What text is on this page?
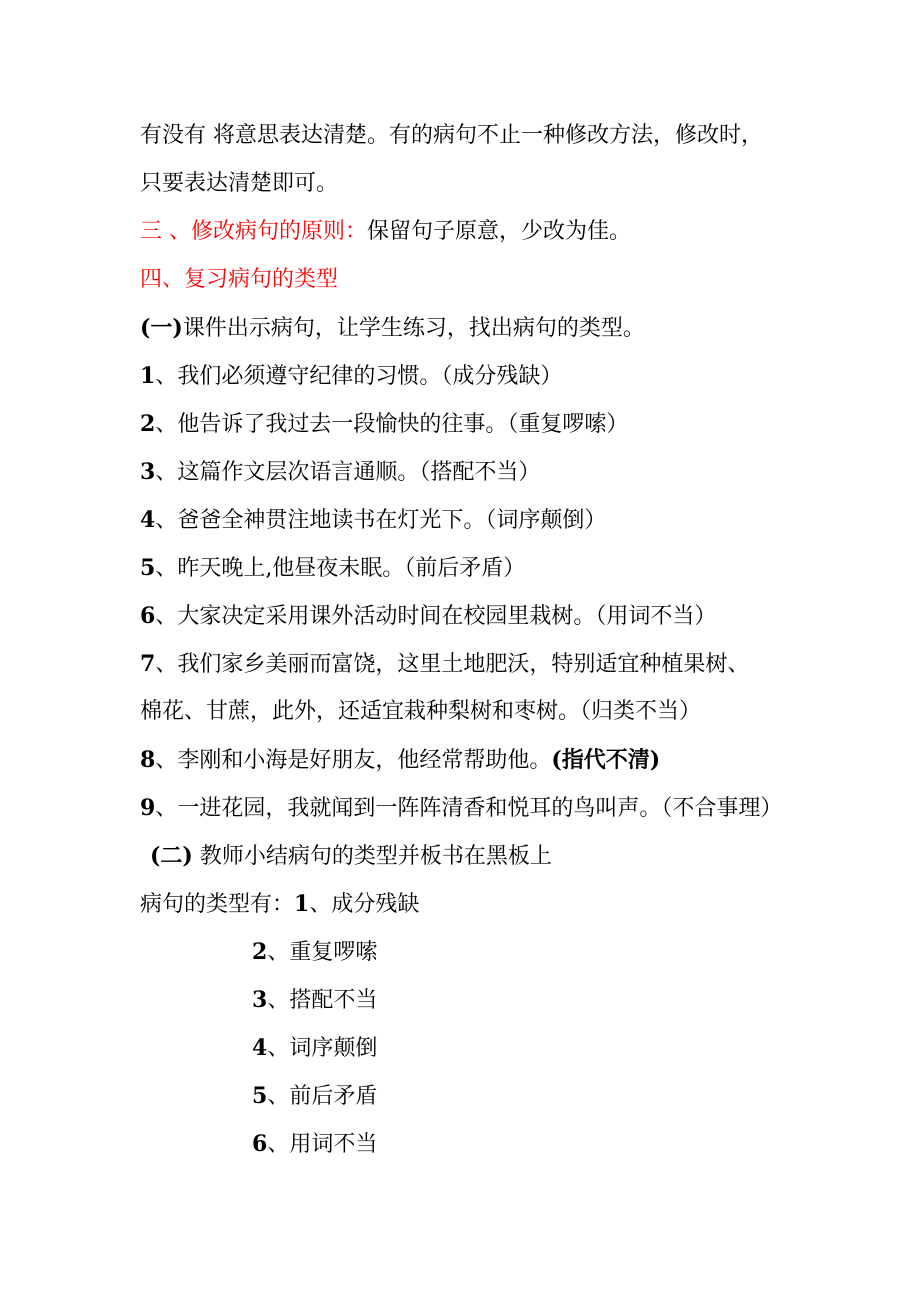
有没有 将意思表达清楚。有的病句不止一种修改方法，修改时，
只要表达清楚即可。
三 、修改病句的原则：保留句子原意，少改为佳。
四、复习病句的类型
(一)课件出示病句，让学生练习，找出病句的类型。
1、我们必须遵守纪律的习惯。（成分残缺）
2、他告诉了我过去一段愉快的往事。（重复啰嗦）
3、这篇作文层次语言通顺。（搭配不当）
4、爸爸全神贯注地读书在灯光下。（词序颠倒）
5、昨天晚上,他昼夜未眠。（前后矛盾）
6、大家决定采用课外活动时间在校园里栽树。（用词不当）
7、我们家乡美丽而富饶，这里土地肥沃，特别适宜种植果树、
棉花、甘蔗，此外，还适宜栽种梨树和枣树。（归类不当）
8、李刚和小海是好朋友，他经常帮助他。(指代不清)
9、一进花园，我就闻到一阵阵清香和悦耳的鸟叫声。（不合事理）
(二) 教师小结病句的类型并板书在黑板上
病句的类型有：1、成分残缺
2、重复啰嗦
3、搭配不当
4、词序颠倒
5、前后矛盾
6、用词不当
